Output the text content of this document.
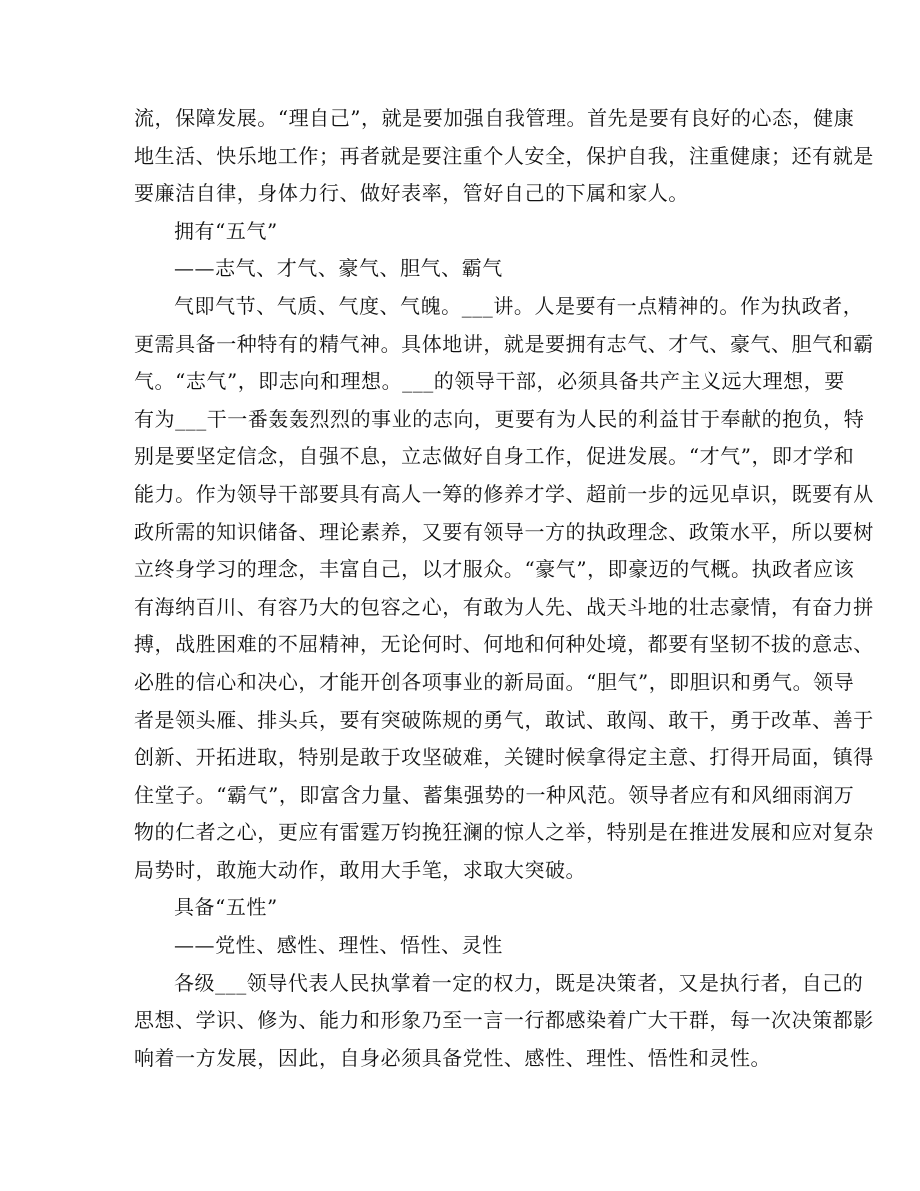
流，保障发展。“理自己”，就是要加强自我管理。首先是要有良好的心态，健康
地生活、快乐地工作；再者就是要注重个人安全，保护自我，注重健康；还有就是
要廉洁自律，身体力行、做好表率，管好自己的下属和家人。
拥有“五气”
——志气、才气、豪气、胆气、霸气
气即气节、气质、气度、气魄。___讲。人是要有一点精神的。作为执政者，
更需具备一种特有的精气神。具体地讲，就是要拥有志气、才气、豪气、胆气和霸
气。“志气”，即志向和理想。___的领导干部，必须具备共产主义远大理想，要
有为___干一番轰轰烈烈的事业的志向，更要有为人民的利益甘于奉献的抱负，特
别是要坚定信念，自强不息，立志做好自身工作，促进发展。“才气”，即才学和
能力。作为领导干部要具有高人一筹的修养才学、超前一步的远见卓识，既要有从
政所需的知识储备、理论素养，又要有领导一方的执政理念、政策水平，所以要树
立终身学习的理念，丰富自己，以才服众。“豪气”，即豪迈的气概。执政者应该
有海纳百川、有容乃大的包容之心，有敢为人先、战天斗地的壮志豪情，有奋力拼
搏，战胜困难的不屈精神，无论何时、何地和何种处境，都要有坚韧不拔的意志、
必胜的信心和决心，才能开创各项事业的新局面。“胆气”，即胆识和勇气。领导
者是领头雁、排头兵，要有突破陈规的勇气，敢试、敢闯、敢干，勇于改革、善于
创新、开拓进取，特别是敢于攻坚破难，关键时候拿得定主意、打得开局面，镇得
住堂子。“霸气”，即富含力量、蓄集强势的一种风范。领导者应有和风细雨润万
物的仁者之心，更应有雷霆万钧挽狂澜的惊人之举，特别是在推进发展和应对复杂
局势时，敢施大动作，敢用大手笔，求取大突破。
具备“五性”
——党性、感性、理性、悟性、灵性
各级___领导代表人民执掌着一定的权力，既是决策者，又是执行者，自己的
思想、学识、修为、能力和形象乃至一言一行都感染着广大干群，每一次决策都影
响着一方发展，因此，自身必须具备党性、感性、理性、悟性和灵性。
